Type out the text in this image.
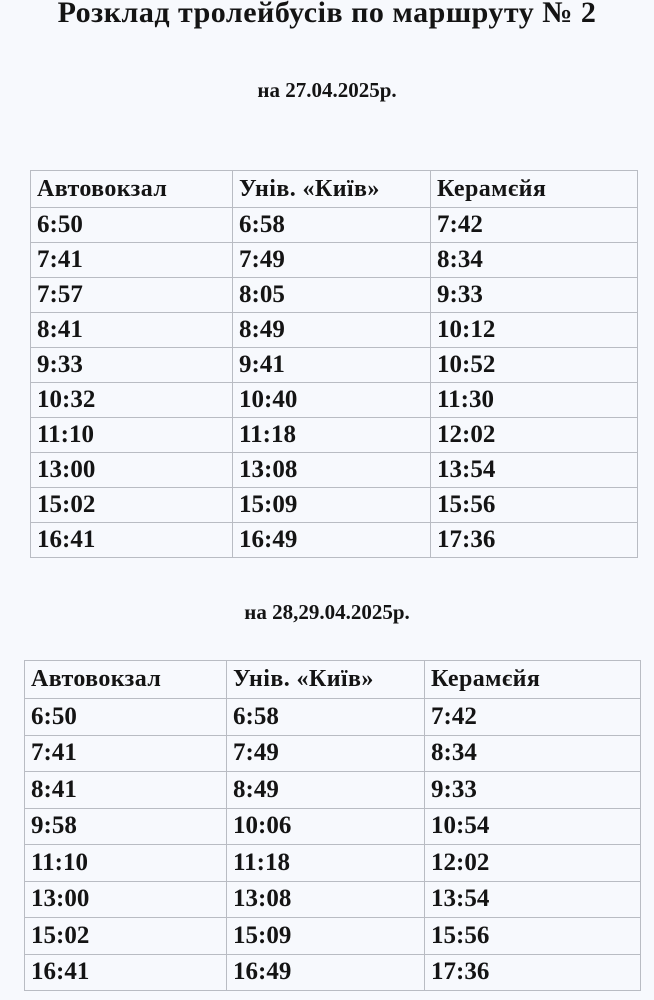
Розклад тролейбусів по маршруту № 2
на 27.04.2025р.
Автовокзал	Унів. «Київ»	Керамєйя
6:50	6:58	7:42
7:41	7:49	8:34
7:57	8:05	9:33
8:41	8:49	10:12
9:33	9:41	10:52
10:32	10:40	11:30
11:10	11:18	12:02
13:00	13:08	13:54
15:02	15:09	15:56
16:41	16:49	17:36
на 28,29.04.2025р.
Автовокзал	Унів. «Київ»	Керамєйя
6:50	6:58	7:42
7:41	7:49	8:34
8:41	8:49	9:33
9:58	10:06	10:54
11:10	11:18	12:02
13:00	13:08	13:54
15:02	15:09	15:56
16:41	16:49	17:36
